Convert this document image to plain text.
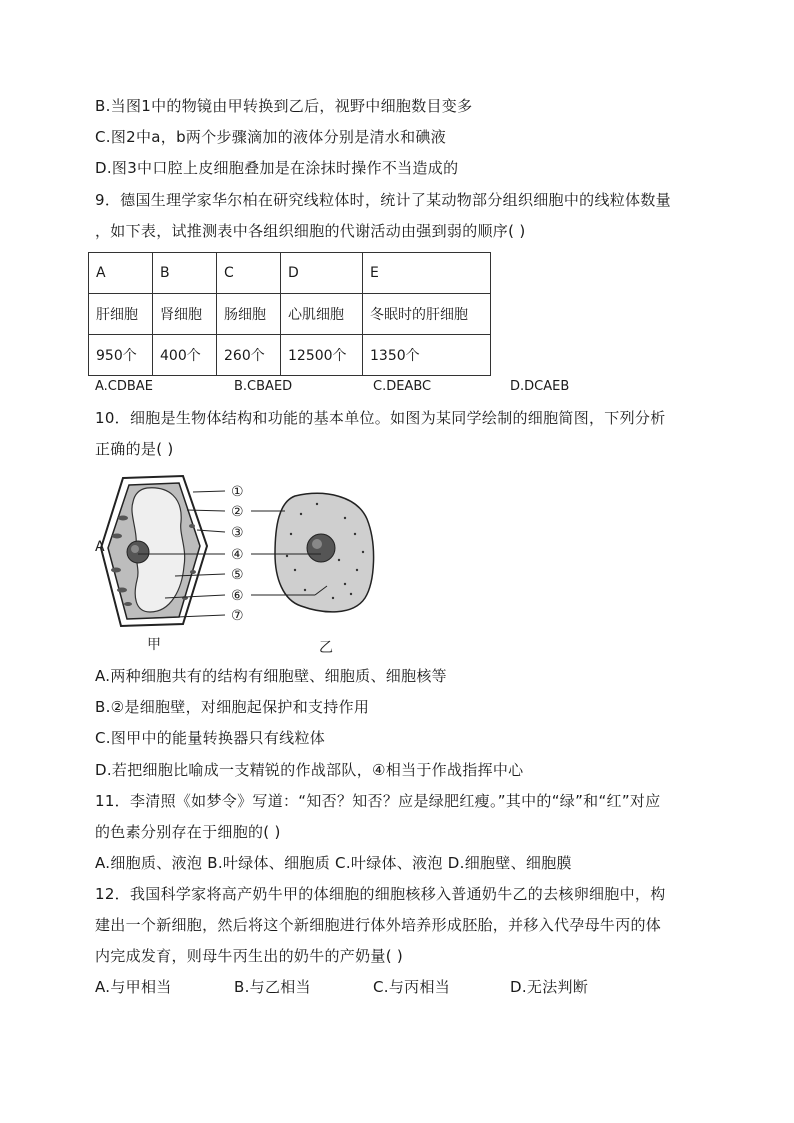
B.当图1中的物镜由甲转换到乙后，视野中细胞数目变多
C.图2中a，b两个步骤滴加的液体分别是清水和碘液
D.图3中口腔上皮细胞叠加是在涂抹时操作不当造成的
9．德国生理学家华尔柏在研究线粒体时，统计了某动物部分组织细胞中的线粒体数量
，如下表，试推测表中各组织细胞的代谢活动由强到弱的顺序( )
A	B	C	D	E
肝细胞	肾细胞	肠细胞	心肌细胞	冬眠时的肝细胞
950个	400个	260个	12500个	1350个
A.CDBAE	B.CBAED	C.DEABC	D.DCAEB
10．细胞是生物体结构和功能的基本单位。如图为某同学绘制的细胞简图，下列分析
正确的是( )
①
②
③
④
⑤
⑥
⑦
A
甲	乙
A.两种细胞共有的结构有细胞壁、细胞质、细胞核等
B.②是细胞壁，对细胞起保护和支持作用
C.图甲中的能量转换器只有线粒体
D.若把细胞比喻成一支精锐的作战部队，④相当于作战指挥中心
11．李清照《如梦令》写道：“知否？知否？应是绿肥红瘦。”其中的“绿”和“红”对应
的色素分别存在于细胞的( )
A.细胞质、液泡 B.叶绿体、细胞质 C.叶绿体、液泡 D.细胞壁、细胞膜
12．我国科学家将高产奶牛甲的体细胞的细胞核移入普通奶牛乙的去核卵细胞中，构
建出一个新细胞，然后将这个新细胞进行体外培养形成胚胎，并移入代孕母牛丙的体
内完成发育，则母牛丙生出的奶牛的产奶量( )
A.与甲相当	B.与乙相当	C.与丙相当	D.无法判断
